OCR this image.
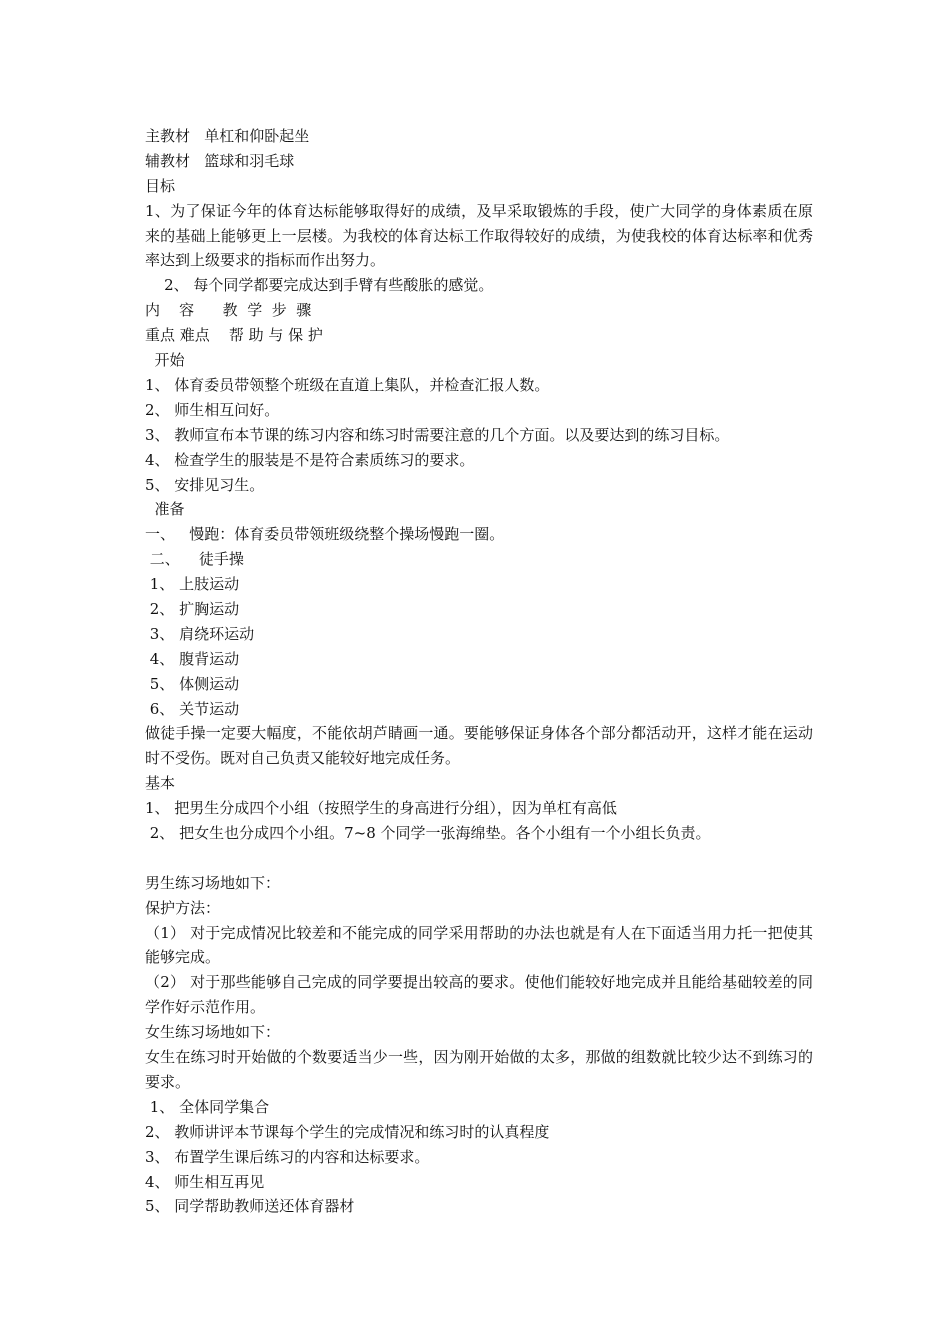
主教材   单杠和仰卧起坐
辅教材   篮球和羽毛球
目标
1、为了保证今年的体育达标能够取得好的成绩，及早采取锻炼的手段，使广大同学的身体素质在原来的基础上能够更上一层楼。为我校的体育达标工作取得较好的成绩，为使我校的体育达标率和优秀率达到上级要求的指标而作出努力。
2、 每个同学都要完成达到手臂有些酸胀的感觉。
内    容      教  学  步  骤
重点 难点    帮 助 与 保 护
开始
1、 体育委员带领整个班级在直道上集队，并检查汇报人数。
2、 师生相互问好。
3、 教师宣布本节课的练习内容和练习时需要注意的几个方面。以及要达到的练习目标。
4、 检查学生的服装是不是符合素质练习的要求。
5、 安排见习生。
准备
一、   慢跑：体育委员带领班级绕整个操场慢跑一圈。
二、    徒手操
1、 上肢运动
2、 扩胸运动
3、 肩绕环运动
4、 腹背运动
5、 体侧运动
6、 关节运动
做徒手操一定要大幅度，不能依胡芦睛画一通。要能够保证身体各个部分都活动开，这样才能在运动时不受伤。既对自己负责又能较好地完成任务。
基本
1、 把男生分成四个小组（按照学生的身高进行分组），因为单杠有高低
2、 把女生也分成四个小组。7~8 个同学一张海绵垫。各个小组有一个小组长负责。
男生练习场地如下：
保护方法：
（1） 对于完成情况比较差和不能完成的同学采用帮助的办法也就是有人在下面适当用力托一把使其能够完成。
（2） 对于那些能够自己完成的同学要提出较高的要求。使他们能较好地完成并且能给基础较差的同学作好示范作用。
女生练习场地如下：
女生在练习时开始做的个数要适当少一些，因为刚开始做的太多，那做的组数就比较少达不到练习的要求。
1、 全体同学集合
2、 教师讲评本节课每个学生的完成情况和练习时的认真程度
3、 布置学生课后练习的内容和达标要求。
4、 师生相互再见
5、 同学帮助教师送还体育器材
